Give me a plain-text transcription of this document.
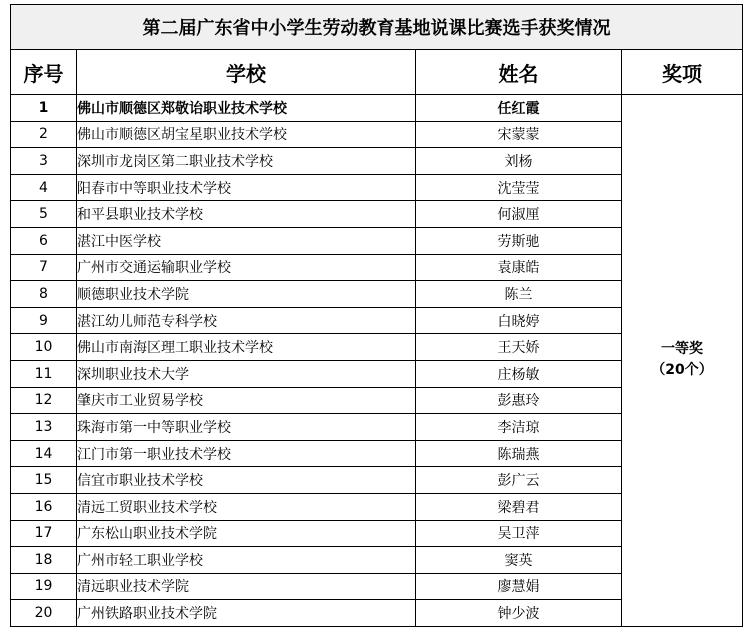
第二届广东省中小学生劳动教育基地说课比赛选手获奖情况			
序号	学校	姓名	奖项
1	佛山市顺德区郑敬诒职业技术学校	任红霞	一等奖
（20个）

2	佛山市顺德区胡宝星职业技术学校	宋蒙蒙	
3	深圳市龙岗区第二职业技术学校	刘杨	
4	阳春市中等职业技术学校	沈莹莹	
5	和平县职业技术学校	何淑厘	
6	湛江中医学校	劳斯驰	
7	广州市交通运输职业学校	袁康皓	
8	顺德职业技术学院	陈兰	
9	湛江幼儿师范专科学校	白晓婷	
10	佛山市南海区理工职业技术学校	王天娇	
11	深圳职业技术大学	庄杨敏	
12	肇庆市工业贸易学校	彭惠玲	
13	珠海市第一中等职业学校	李洁琼	
14	江门市第一职业技术学校	陈瑞燕	
15	信宜市职业技术学校	彭广云	
16	清远工贸职业技术学校	梁碧君	
17	广东松山职业技术学院	吴卫萍	
18	广州市轻工职业学校	窦英	
19	清远职业技术学院	廖慧娟	
20	广州铁路职业技术学院	钟少波	
